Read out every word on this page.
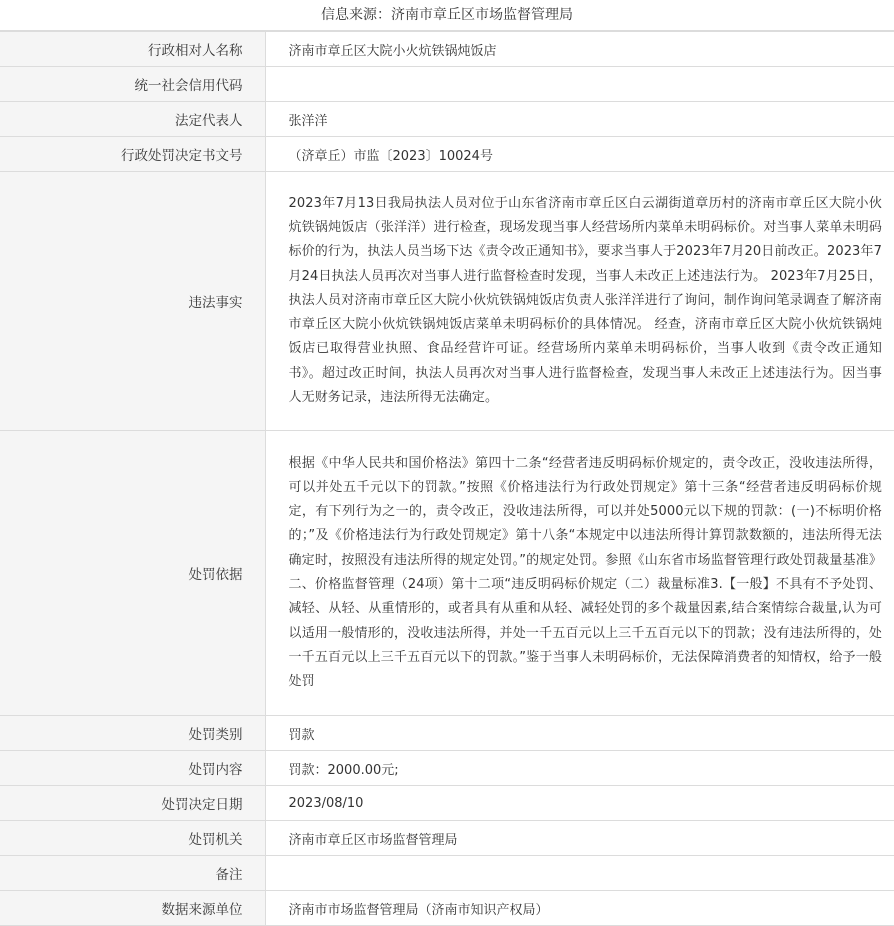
信息来源：济南市章丘区市场监督管理局
行政相对人名称	济南市章丘区大院小火炕铁锅炖饭店
统一社会信用代码	
法定代表人	张洋洋
行政处罚决定书文号	（济章丘）市监〔2023〕10024号
违法事实	2023年7月13日我局执法人员对位于山东省济南市章丘区白云湖街道章历村的济南市章丘区大院小伙炕铁锅炖饭店（张洋洋）进行检查，现场发现当事人经营场所内菜单未明码标价。对当事人菜单未明码标价的行为，执法人员当场下达《责令改正通知书》，要求当事人于2023年7月20日前改正。2023年7月24日执法人员再次对当事人进行监督检查时发现，当事人未改正上述违法行为。 2023年7月25日，执法人员对济南市章丘区大院小伙炕铁锅炖饭店负责人张洋洋进行了询问，制作询问笔录调查了解济南市章丘区大院小伙炕铁锅炖饭店菜单未明码标价的具体情况。 经查，济南市章丘区大院小伙炕铁锅炖饭店已取得营业执照、食品经营许可证。经营场所内菜单未明码标价，当事人收到《责令改正通知书》。超过改正时间，执法人员再次对当事人进行监督检查，发现当事人未改正上述违法行为。因当事人无财务记录，违法所得无法确定。
处罚依据	根据《中华人民共和国价格法》第四十二条“经营者违反明码标价规定的，责令改正，没收违法所得，可以并处五千元以下的罚款。”按照《价格违法行为行政处罚规定》第十三条“经营者违反明码标价规定，有下列行为之一的，责令改正，没收违法所得，可以并处5000元以下规的罚款：(一)不标明价格的；”及《价格违法行为行政处罚规定》第十八条“本规定中以违法所得计算罚款数额的，违法所得无法确定时，按照没有违法所得的规定处罚。”的规定处罚。参照《山东省市场监督管理行政处罚裁量基准》二、价格监督管理（24项）第十二项“违反明码标价规定（二）裁量标准3.【一般】不具有不予处罚、减轻、从轻、从重情形的，或者具有从重和从轻、减轻处罚的多个裁量因素,结合案情综合裁量,认为可以适用一般情形的，没收违法所得，并处一千五百元以上三千五百元以下的罚款；没有违法所得的，处一千五百元以上三千五百元以下的罚款。”鉴于当事人未明码标价，无法保障消费者的知情权，给予一般处罚
处罚类别	罚款
处罚内容	罚款：2000.00元;
处罚决定日期	2023/08/10
处罚机关	济南市章丘区市场监督管理局
备注	
数据来源单位	济南市市场监督管理局（济南市知识产权局）
